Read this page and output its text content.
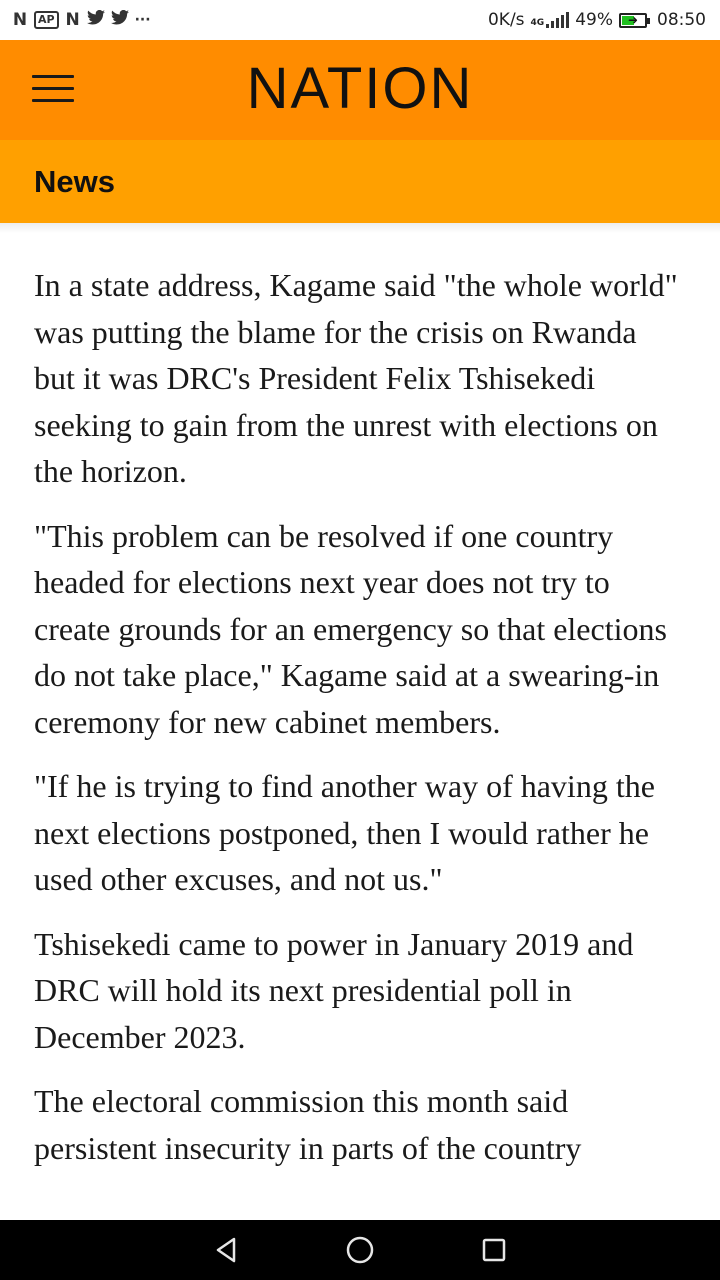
N AP N	···	0K/s 4G 49% ➜ 08:50
NATION
News

In a state address, Kagame said "the whole world" was putting the blame for the crisis on Rwanda but it was DRC's President Felix Tshisekedi seeking to gain from the unrest with elections on the horizon.

"This problem can be resolved if one country headed for elections next year does not try to create grounds for an emergency so that elections do not take place," Kagame said at a swearing-in ceremony for new cabinet members.

"If he is trying to find another way of having the next elections postponed, then I would rather he used other excuses, and not us."

Tshisekedi came to power in January 2019 and DRC will hold its next presidential poll in December 2023.

The electoral commission this month said persistent insecurity in parts of the country
